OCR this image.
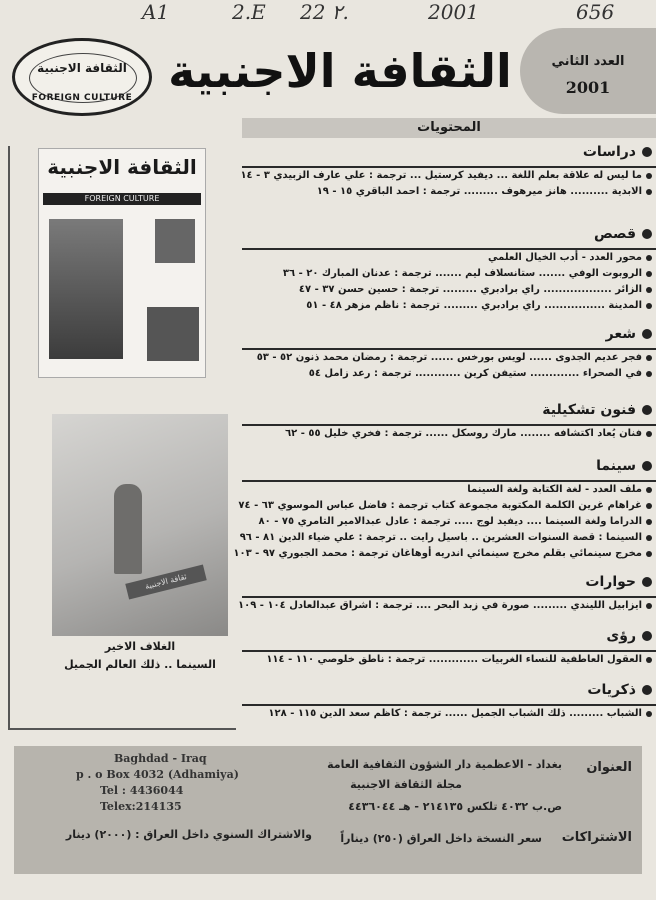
A1	2.E 22 ۲.	2001	656
الثقافة الاجنبية
FOREIGN CULTURE الثقافة الاجنبية	العدد الثاني
2001
المحتويات
دراسات
ما ليس له علاقة بعلم اللغة ... ديفيد كرستيل ... ترجمة : علي عارف الزبيدي ٣ - ١٤
الابدية .......... هانز ميرهوف ......... ترجمة : احمد الباقري ١٥ - ١٩
قصص
محور العدد - أدب الخيال العلمي
الروبوت الوفي ....... ستانسلاف ليم ....... ترجمة : عدنان المبارك ٢٠ - ٣٦
الزائر .................. راي برادبري ......... ترجمة : حسين حسن ٣٧ - ٤٧
المدينة ................ راي برادبري ......... ترجمة : ناظم مزهر ٤٨ - ٥١
شعر
فجر عديم الجدوى ...... لويس بورخس ...... ترجمة : رمضان محمد ذنون ٥٢ - ٥٣
في الصحراء ............. ستيفن كرين ............ ترجمة : رعد زامل ٥٤
فنون تشكيلية
فنان يُعاد اكتشافه ........ مارك روسكل ...... ترجمة : فخري خليل ٥٥ - ٦٢
سينما
ملف العدد - لغة الكتابة ولغة السينما
غراهام غرين الكلمة المكتوبة مجموعة كتاب ترجمة : فاضل عباس الموسوي ٦٣ - ٧٤
الدراما ولغة السينما .... ديفيد لوج ..... ترجمة : عادل عبدالامير التامري ٧٥ - ٨٠
السينما : قصة السنوات العشرين .. باسيل رايت .. ترجمة : علي ضياء الدين ٨١ - ٩٦
مخرج سينمائي بقلم مخرج سينمائي اندريه أوهاغان ترجمة : محمد الجبوري ٩٧ - ١٠٣
حوارات
ايزابيل الليندي ......... صورة في زبد البحر .... ترجمة : اشراق عبدالعادل ١٠٤ - ١٠٩
رؤى
العقول العاطفية للنساء الغربيات ............. ترجمة : ناطق خلوصي ١١٠ - ١١٤
ذكريات
الشباب ......... ذلك الشباب الجميل ...... ترجمة : كاظم سعد الدين ١١٥ - ١٢٨
الثقافة الاجنبية
FOREIGN CULTURE
ثقافة الاجنبية
الغلاف الاخير
السينما .. ذلك العالم الجميل
Baghdad - Iraq
p . o Box 4032 (Adhamiya)
Tel : 4436044
Telex:214135
العنوان
بغداد - الاعظمية دار الشؤون الثقافية العامة
مجلة الثقافة الاجنبية
ص.ب ٤٠٣٢ تلكس ٢١٤١٣٥ - هـ ٤٤٣٦٠٤٤
الاشتراكات
سعر النسخة داخل العراق (٢٥٠) ديناراً
والاشتراك السنوي داخل العراق : (٢٠٠٠) دينار
